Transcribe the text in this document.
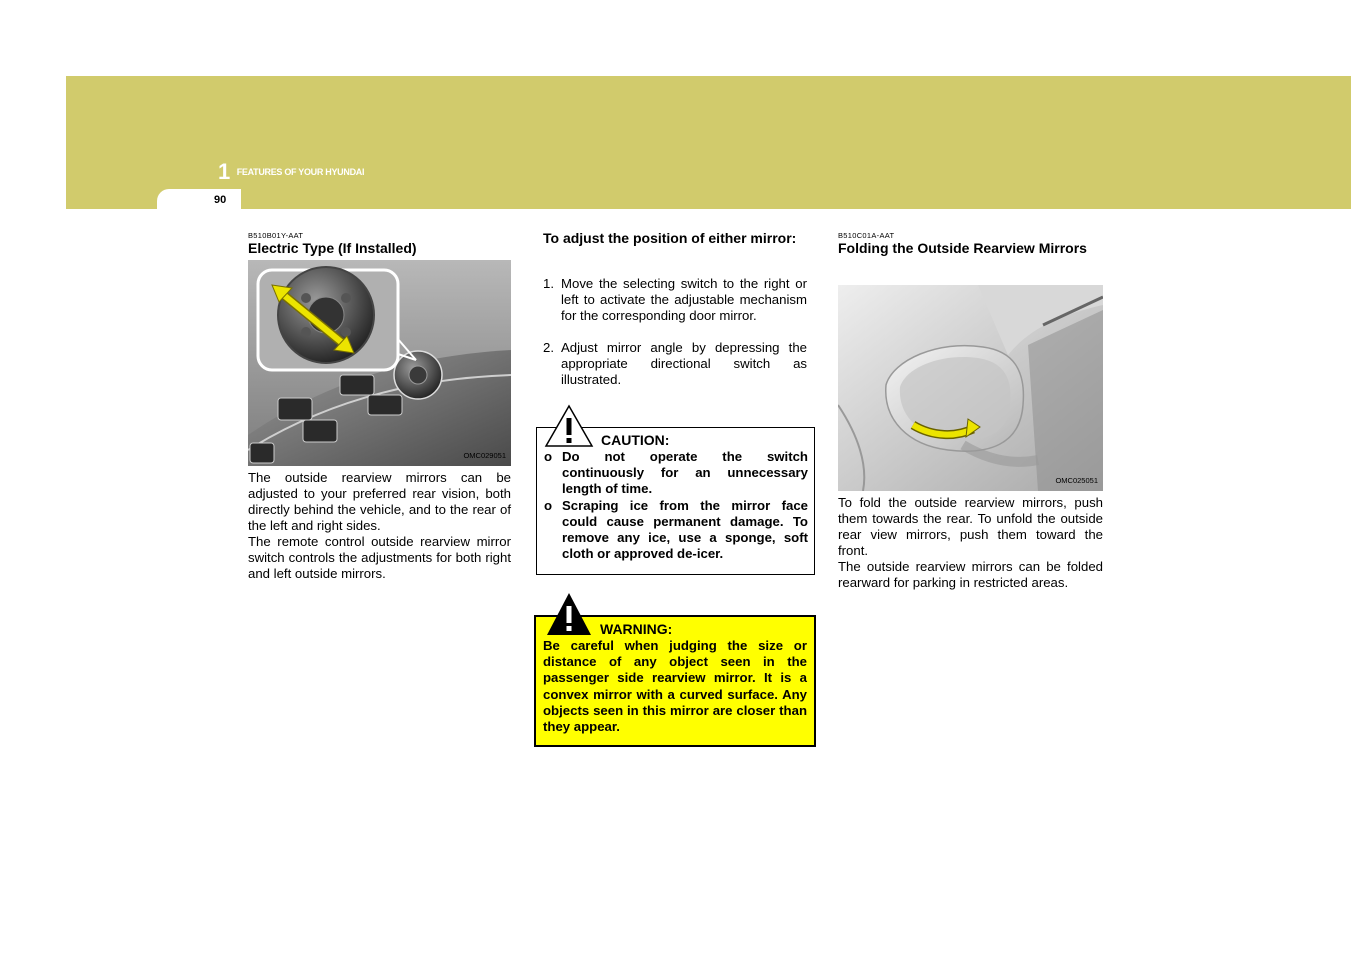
1 FEATURES OF YOUR HYUNDAI
90
B510B01Y-AAT
Electric Type (If Installed)
OMC029051
The outside rearview mirrors can be adjusted to your preferred rear vision, both directly behind the vehicle, and to the rear of the left and right sides.
The remote control outside rearview mirror switch controls the adjustments for both right and left outside mirrors.
To adjust the position of either mirror:
1. Move the selecting switch to the right or left to activate the adjustable mechanism for the corresponding door mirror.
2. Adjust mirror angle by depressing the appropriate directional switch as illustrated.
CAUTION:
o Do not operate the switch continuously for an unnecessary length of time.
o Scraping ice from the mirror face could cause permanent damage. To remove any ice, use a sponge, soft cloth or approved de-icer.
WARNING:
Be careful when judging the size or distance of any object seen in the passenger side rearview mirror. It is a convex mirror with a curved surface. Any objects seen in this mirror are closer than they appear.
B510C01A-AAT
Folding the Outside Rearview Mirrors
OMC025051
To fold the outside rearview mirrors, push them towards the rear. To unfold the outside rear view mirrors, push them toward the front.
The outside rearview mirrors can be folded rearward for parking in restricted areas.
